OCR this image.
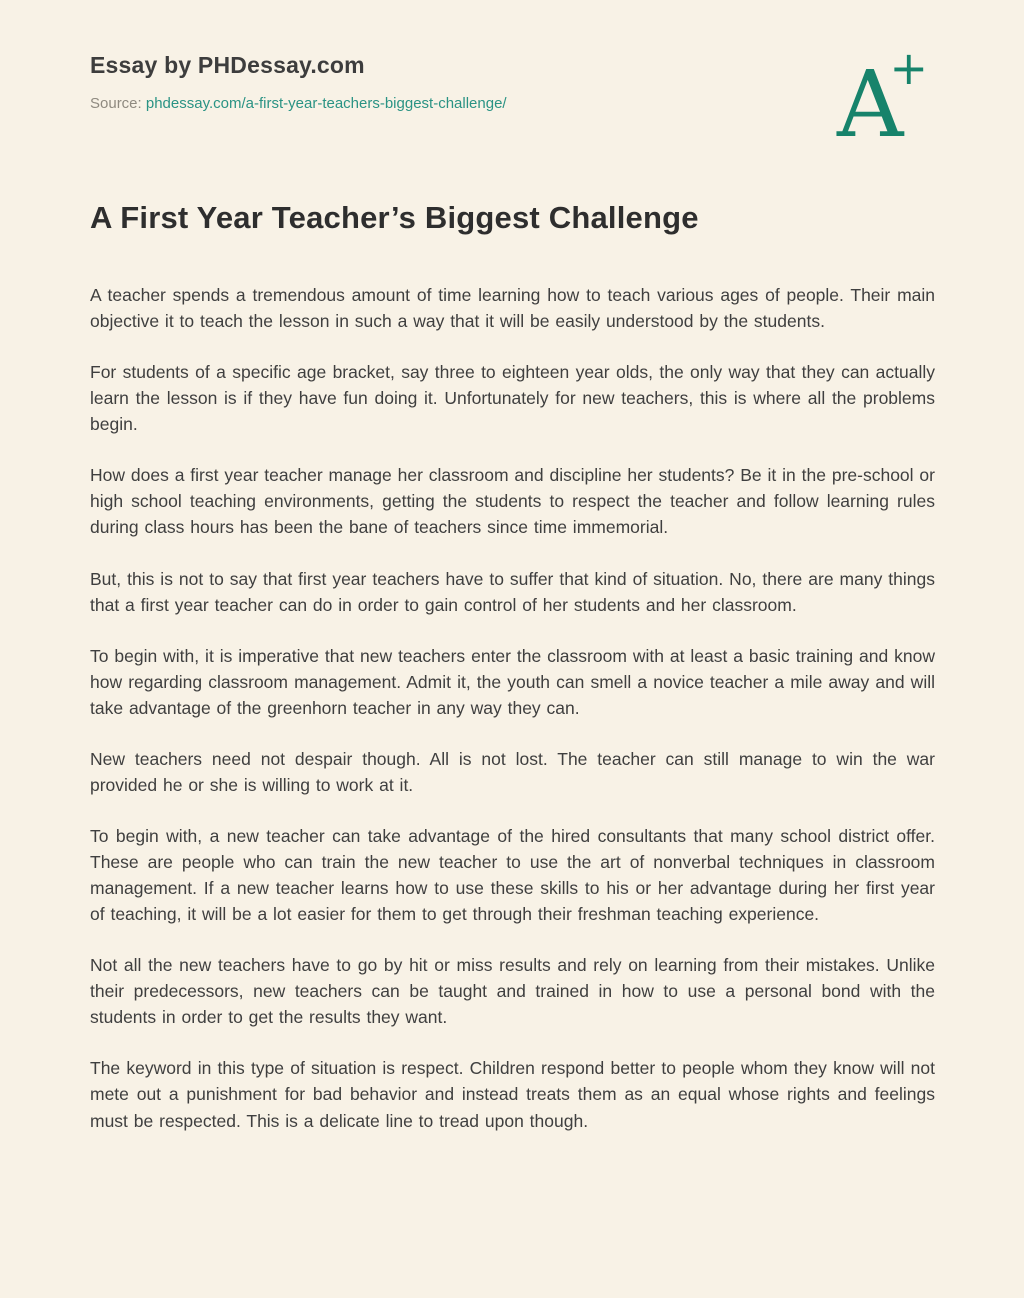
Essay by PHDessay.com
Source: phdessay.com/a-first-year-teachers-biggest-challenge/	A+
A First Year Teacher’s Biggest Challenge

A teacher spends a tremendous amount of time learning how to teach various ages of people. Their main objective it to teach the lesson in such a way that it will be easily understood by the students.

For students of a specific age bracket, say three to eighteen year olds, the only way that they can actually learn the lesson is if they have fun doing it. Unfortunately for new teachers, this is where all the problems begin.

How does a first year teacher manage her classroom and discipline her students? Be it in the pre-school or high school teaching environments, getting the students to respect the teacher and follow learning rules during class hours has been the bane of teachers since time immemorial.

But, this is not to say that first year teachers have to suffer that kind of situation. No, there are many things that a first year teacher can do in order to gain control of her students and her classroom.

To begin with, it is imperative that new teachers enter the classroom with at least a basic training and know how regarding classroom management. Admit it, the youth can smell a novice teacher a mile away and will take advantage of the greenhorn teacher in any way they can.

New teachers need not despair though. All is not lost. The teacher can still manage to win the war provided he or she is willing to work at it.

To begin with, a new teacher can take advantage of the hired consultants that many school district offer. These are people who can train the new teacher to use the art of nonverbal techniques in classroom management. If a new teacher learns how to use these skills to his or her advantage during her first year of teaching, it will be a lot easier for them to get through their freshman teaching experience.

Not all the new teachers have to go by hit or miss results and rely on learning from their mistakes. Unlike their predecessors, new teachers can be taught and trained in how to use a personal bond with the students in order to get the results they want.

The keyword in this type of situation is respect. Children respond better to people whom they know will not mete out a punishment for bad behavior and instead treats them as an equal whose rights and feelings must be respected. This is a delicate line to tread upon though.
